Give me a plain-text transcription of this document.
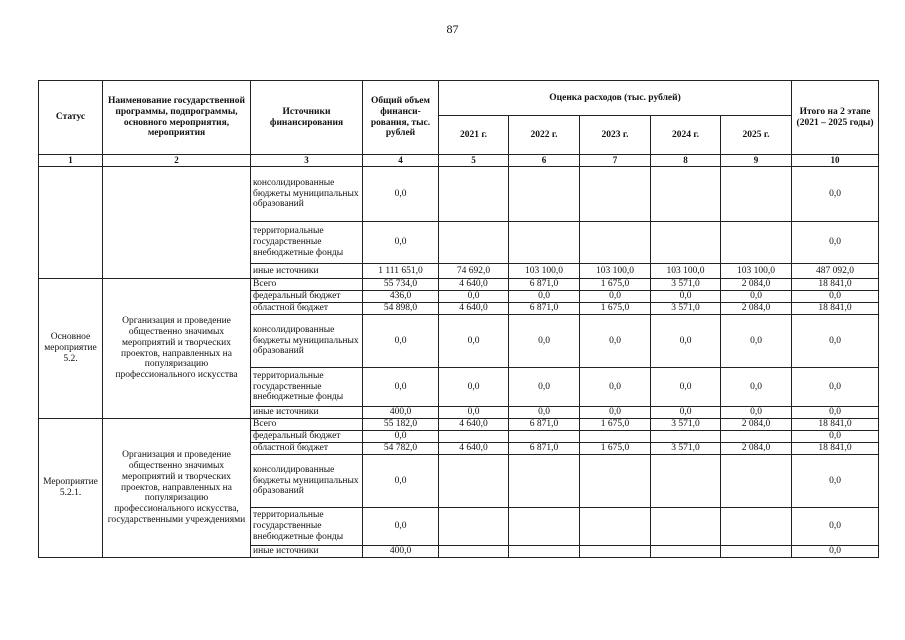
87
Статус	Наименование государственной программы, подпрограммы, основного мероприятия, мероприятия	Источники финансирования	Общий объем финанси-рования, тыс. рублей	Оценка расходов (тыс. рублей)					Итого на 2 этапе (2021 – 2025 годы)
				2021 г.	2022 г.	2023 г.	2024 г.	2025 г.	
1	2	3	4	5	6	7	8	9	10
		консолидированные бюджеты муниципальных образований	0,0						0,0
		территориальные государственные внебюджетные фонды	0,0						0,0
		иные источники	1 111 651,0	74 692,0	103 100,0	103 100,0	103 100,0	103 100,0	487 092,0
Основное мероприятие 5.2.	Организация и проведение общественно значимых мероприятий и творческих проектов, направленных на популяризацию профессионального искусства	Всего	55 734,0	4 640,0	6 871,0	1 675,0	3 571,0	2 084,0	18 841,0
		федеральный бюджет	436,0	0,0	0,0	0,0	0,0	0,0	0,0
		областной бюджет	54 898,0	4 640,0	6 871,0	1 675,0	3 571,0	2 084,0	18 841,0
		консолидированные бюджеты муниципальных образований	0,0	0,0	0,0	0,0	0,0	0,0	0,0
		территориальные государственные внебюджетные фонды	0,0	0,0	0,0	0,0	0,0	0,0	0,0
		иные источники	400,0	0,0	0,0	0,0	0,0	0,0	0,0
Мероприятие 5.2.1.	Организация и проведение общественно значимых мероприятий и творческих проектов, направленных на популяризацию профессионального искусства, государственными учреждениями	Всего	55 182,0	4 640,0	6 871,0	1 675,0	3 571,0	2 084,0	18 841,0
		федеральный бюджет	0,0						0,0
		областной бюджет	54 782,0	4 640,0	6 871,0	1 675,0	3 571,0	2 084,0	18 841,0
		консолидированные бюджеты муниципальных образований	0,0						0,0
		территориальные государственные внебюджетные фонды	0,0						0,0
		иные источники	400,0						0,0
